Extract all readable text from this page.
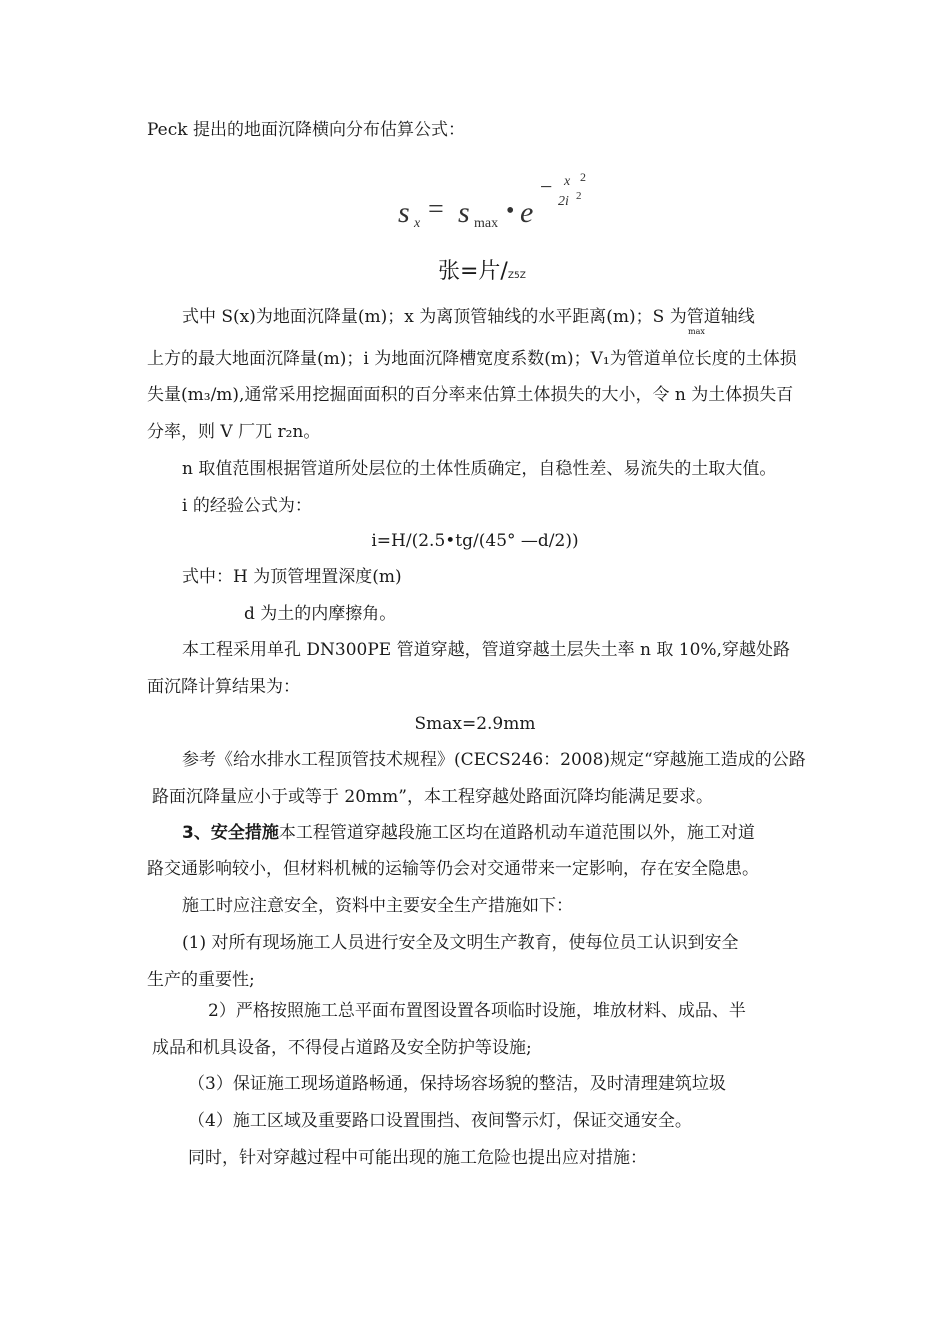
Peck 提出的地面沉降横向分布估算公式：
s x = s max • e
− x 2
2i 2
张=片/Z5Z
式中 S(x)为地面沉降量(m)；x 为离顶管轴线的水平距离(m)；S 为管道轴线
max
上方的最大地面沉降量(m)；i 为地面沉降槽宽度系数(m)；V₁为管道单位长度的土体损
失量(m₃/m),通常采用挖掘面面积的百分率来估算土体损失的大小，令 n 为土体损失百
分率，则 V 厂兀 r₂n。
n 取值范围根据管道所处层位的土体性质确定，自稳性差、易流失的土取大值。
i 的经验公式为：
i=H/(2.5•tg/(45° —d/2))
式中：H 为顶管埋置深度(m)
d 为土的内摩擦角。
本工程采用单孔 DN300PE 管道穿越，管道穿越土层失土率 n 取 10%,穿越处路
面沉降计算结果为：
Smax=2.9mm
参考《给水排水工程顶管技术规程》(CECS246：2008)规定“穿越施工造成的公路
路面沉降量应小于或等于 20mm”，本工程穿越处路面沉降均能满足要求。
3、安全措施本工程管道穿越段施工区均在道路机动车道范围以外，施工对道
路交通影响较小，但材料机械的运输等仍会对交通带来一定影响，存在安全隐患。
施工时应注意安全，资料中主要安全生产措施如下：
(1) 对所有现场施工人员进行安全及文明生产教育，使每位员工认识到安全
生产的重要性;
2）严格按照施工总平面布置图设置各项临时设施，堆放材料、成品、半
成品和机具设备，不得侵占道路及安全防护等设施;
（3）保证施工现场道路畅通，保持场容场貌的整洁，及时清理建筑垃圾
（4）施工区域及重要路口设置围挡、夜间警示灯，保证交通安全。
同时，针对穿越过程中可能出现的施工危险也提出应对措施：
